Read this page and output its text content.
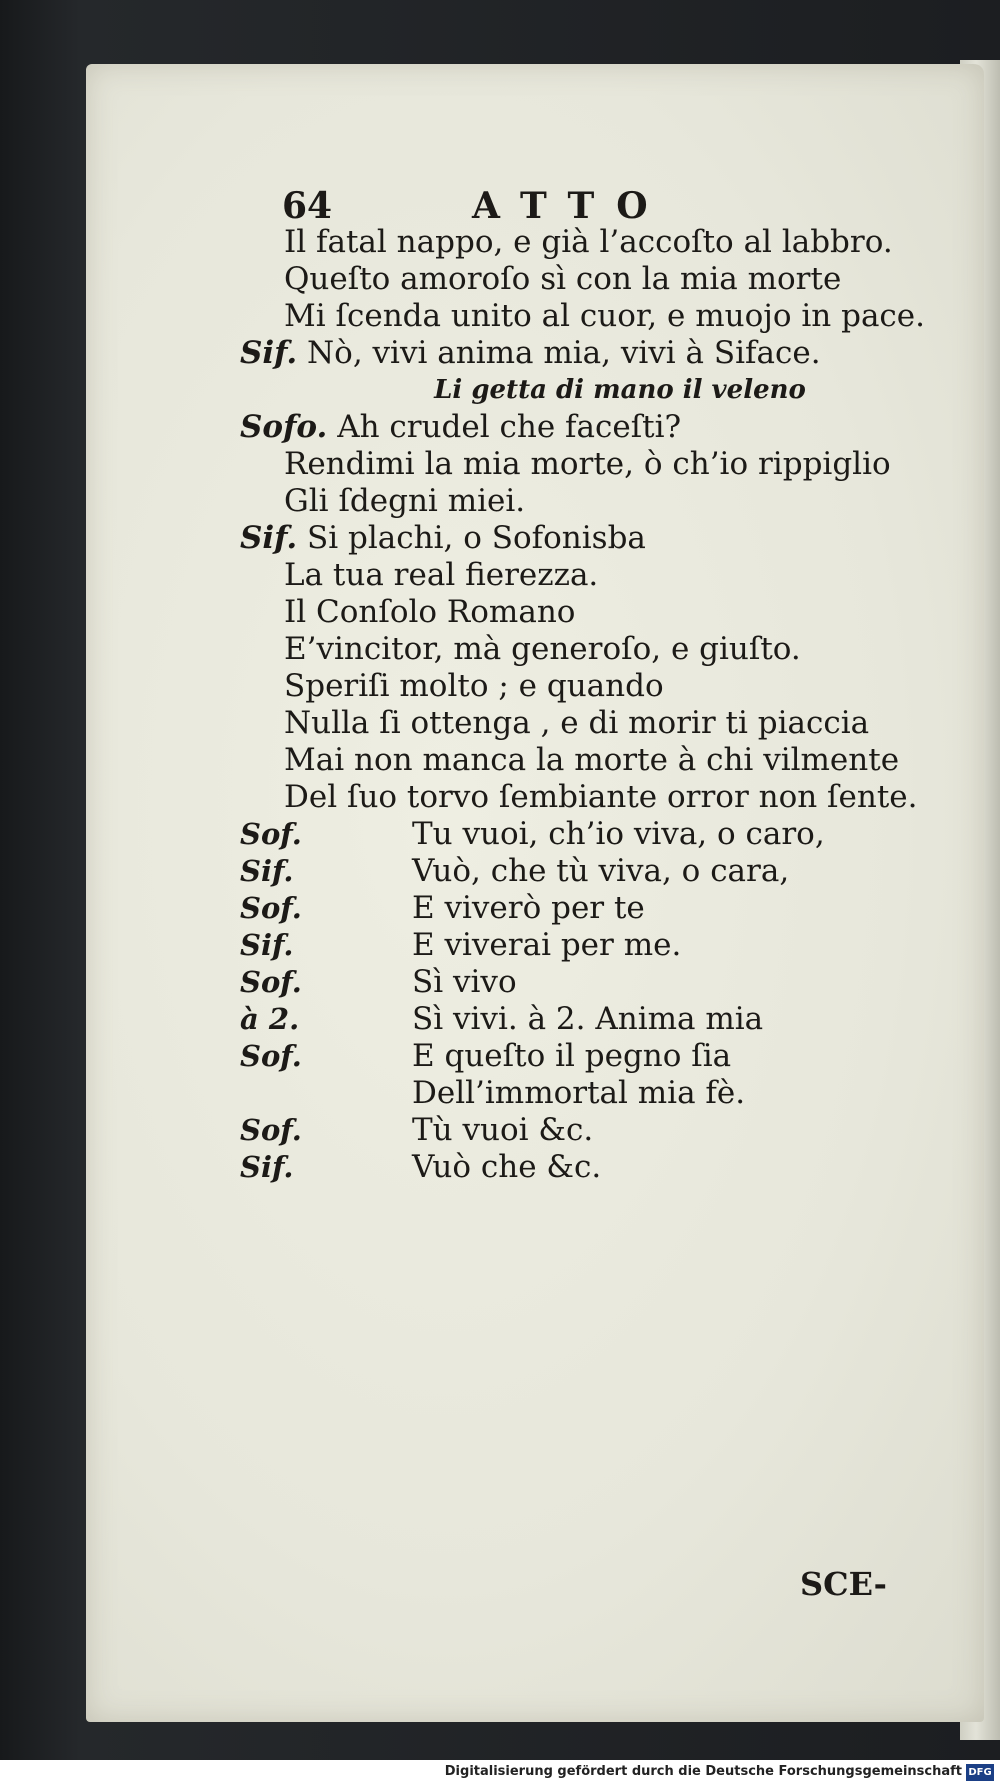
64	ATTO
Il fatal nappo, e già l’accoſto al labbro.
Queſto amoroſo sì con la mia morte
Mi ſcenda unito al cuor, e muojo in pace.
Sif. Nò, vivi anima mia, vivi à Siface.
Li getta di mano il veleno
Sofo. Ah crudel che faceſti?
Rendimi la mia morte, ò ch’io rippiglio
Gli ſdegni miei.
Sif. Si plachi, o Sofonisba
La tua real fierezza.
Il Conſolo Romano
E’vincitor, mà generoſo, e giuſto.
Speriſi molto ; e quando
Nulla ſi ottenga , e di morir ti piaccia
Mai non manca la morte à chi vilmente
Del ſuo torvo ſembiante orror non ſente.
Sof.	Tu vuoi, ch’io viva, o caro,
Sif.	Vuò, che tù viva, o cara,
Sof.	E viverò per te
Sif.	E viverai per me.
Sof.	Sì vivo
à 2.	Sì vivi. à 2. Anima mia
Sof.	E queſto il pegno ſia
Dell’immortal mia fè.
Sof.	Tù vuoi &c.
Sif.	Vuò che &c.
SCE-
Digitalisierung gefördert durch die Deutsche Forschungsgemeinschaft DFG
